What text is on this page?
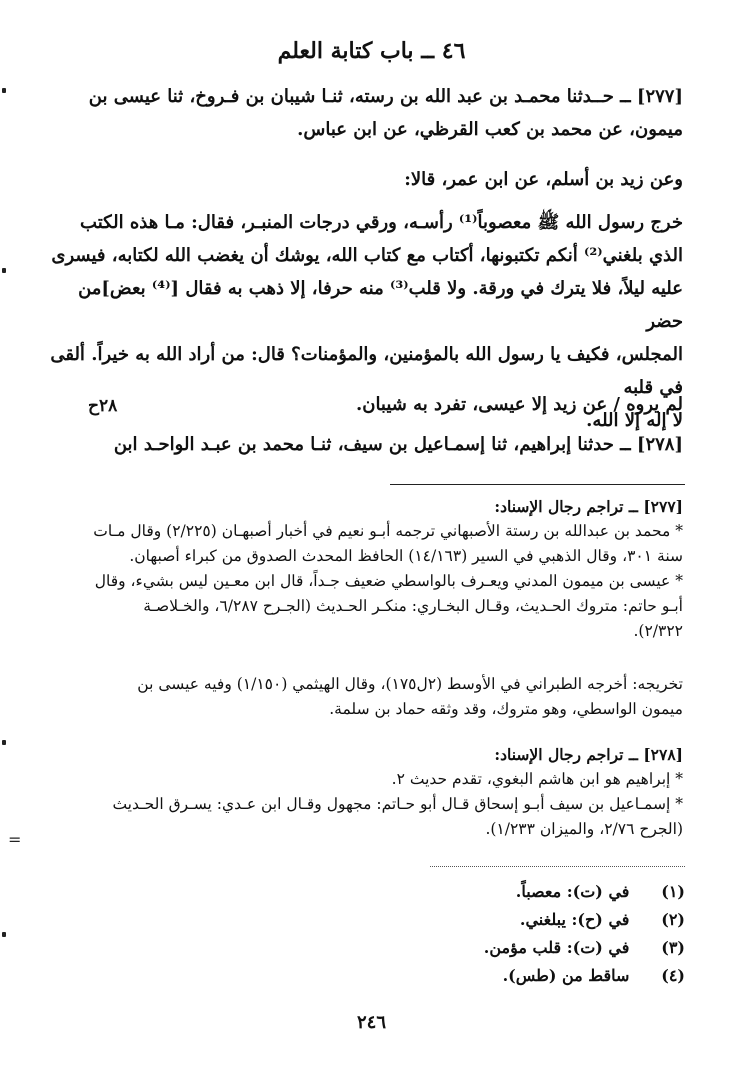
٤٦ ــ باب كتابة العلم

[٢٧٧] ــ حــدثنا محمـد بن عبد الله بن رسته، ثنـا شيبان بن فـروخ، ثنا عيسى بن

ميمون، عن محمد بن كعب القرظي، عن ابن عباس.

وعن زيد بن أسلم، عن ابن عمر، قالا:

خرج رسول الله ﷺ معصوباً⁽¹⁾ رأسـه، ورقي درجات المنبـر، فقال: مـا هذه الكتب

الذي بلغني⁽²⁾ أنكم تكتبونها، أكتاب مع كتاب الله، يوشك أن يغضب الله لكتابه، فيسرى

عليه ليلاً، فلا يترك في ورقة. ولا قلب⁽³⁾ منه حرفا، إلا ذهب به فقال [⁽⁴⁾ بعض]من حضر

المجلس، فكيف يا رسول الله بالمؤمنين، والمؤمنات؟ قال: من أراد الله به خيراً. ألقى في قلبه

لا إله إلا الله.

لم يروه / عن زيد إلا عيسى، تفرد به شيبان.

[٢٧٨] ــ حدثنا إبراهيم، ثنا إسمـاعيل بن سيف، ثنـا محمد بن عبـد الواحـد ابن

٢٨ح

[٢٧٧] ــ تراجم رجال الإسناد:

* محمد بن عبدالله بن رستة الأصبهاني ترجمه أبـو نعيم في أخبار أصبهـان (٢/٢٢٥) وقال مـات

سنة ٣٠١، وقال الذهبي في السير (١٤/١٦٣) الحافظ المحدث الصدوق من كبراء أصبهان.

* عيسى بن ميمون المدني ويعـرف بالواسطي ضعيف جـداً، قال ابن معـين ليس بشيء، وقال

أبـو حاتم: متروك الحـديث، وقـال البخـاري: منكـر الحـديث (الجـرح ٦/٢٨٧، والخـلاصـة

٢/٣٢٢).

تخريجه: أخرجه الطبراني في الأوسط (٢ل١٧٥)، وقال الهيثمي (١/١٥٠) وفيه عيسى بن

ميمون الواسطي، وهو متروك، وقد وثقه حماد بن سلمة.

[٢٧٨] ــ تراجم رجال الإسناد:

* إبراهيم هو ابن هاشم البغوي، تقدم حديث ٢.

* إسمـاعيل بن سيف أبـو إسحاق قـال أبو حـاتم: مجهول وقـال ابن عـدي: يسـرق الحـديث

(الجرح ٢/٧٦، والميزان ١/٢٣٣).

(١) في (ت): معصباً.
(٢) في (ح): يبلغني.
(٣) في (ت): قلب مؤمن.
(٤) ساقط من (طس).
٢٤٦
=
